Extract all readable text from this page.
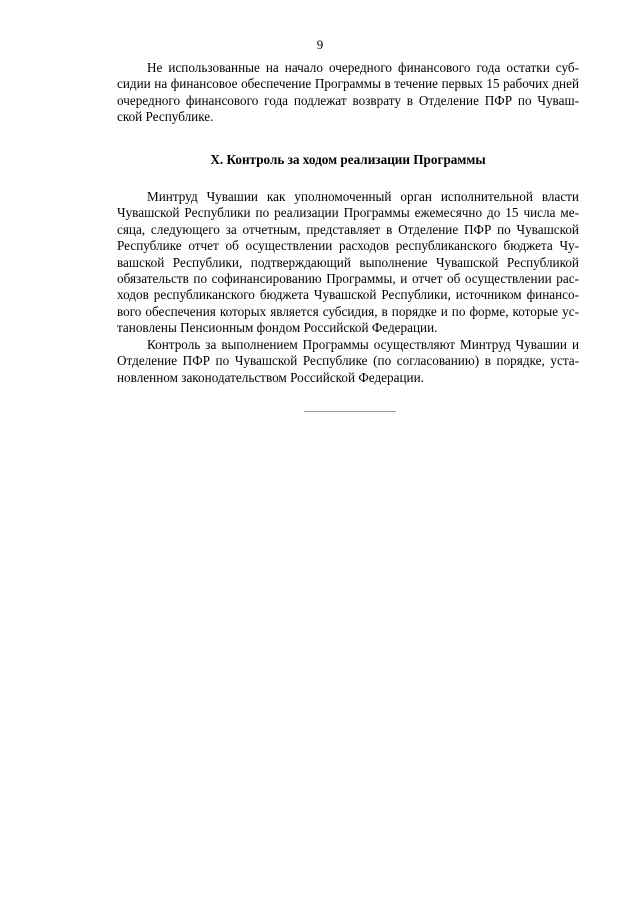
9

Не использованные на начало очередного финансового года остатки суб-
сидии на финансовое обеспечение Программы в течение первых 15 рабочих дней
очередного финансового года подлежат возврату в Отделение ПФР по Чуваш-
ской Республике.

X. Контроль за ходом реализации Программы

Минтруд Чувашии как уполномоченный орган исполнительной власти
Чувашской Республики по реализации Программы ежемесячно до 15 числа ме-
сяца, следующего за отчетным, представляет в Отделение ПФР по Чувашской
Республике отчет об осуществлении расходов республиканского бюджета Чу-
вашской Республики, подтверждающий выполнение Чувашской Республикой
обязательств по софинансированию Программы, и отчет об осуществлении рас-
ходов республиканского бюджета Чувашской Республики, источником финансо-
вого обеспечения которых является субсидия, в порядке и по форме, которые ус-
тановлены Пенсионным фондом Российской Федерации.

Контроль за выполнением Программы осуществляют Минтруд Чувашии и
Отделение ПФР по Чувашской Республике (по согласованию) в порядке, уста-
новленном законодательством Российской Федерации.
